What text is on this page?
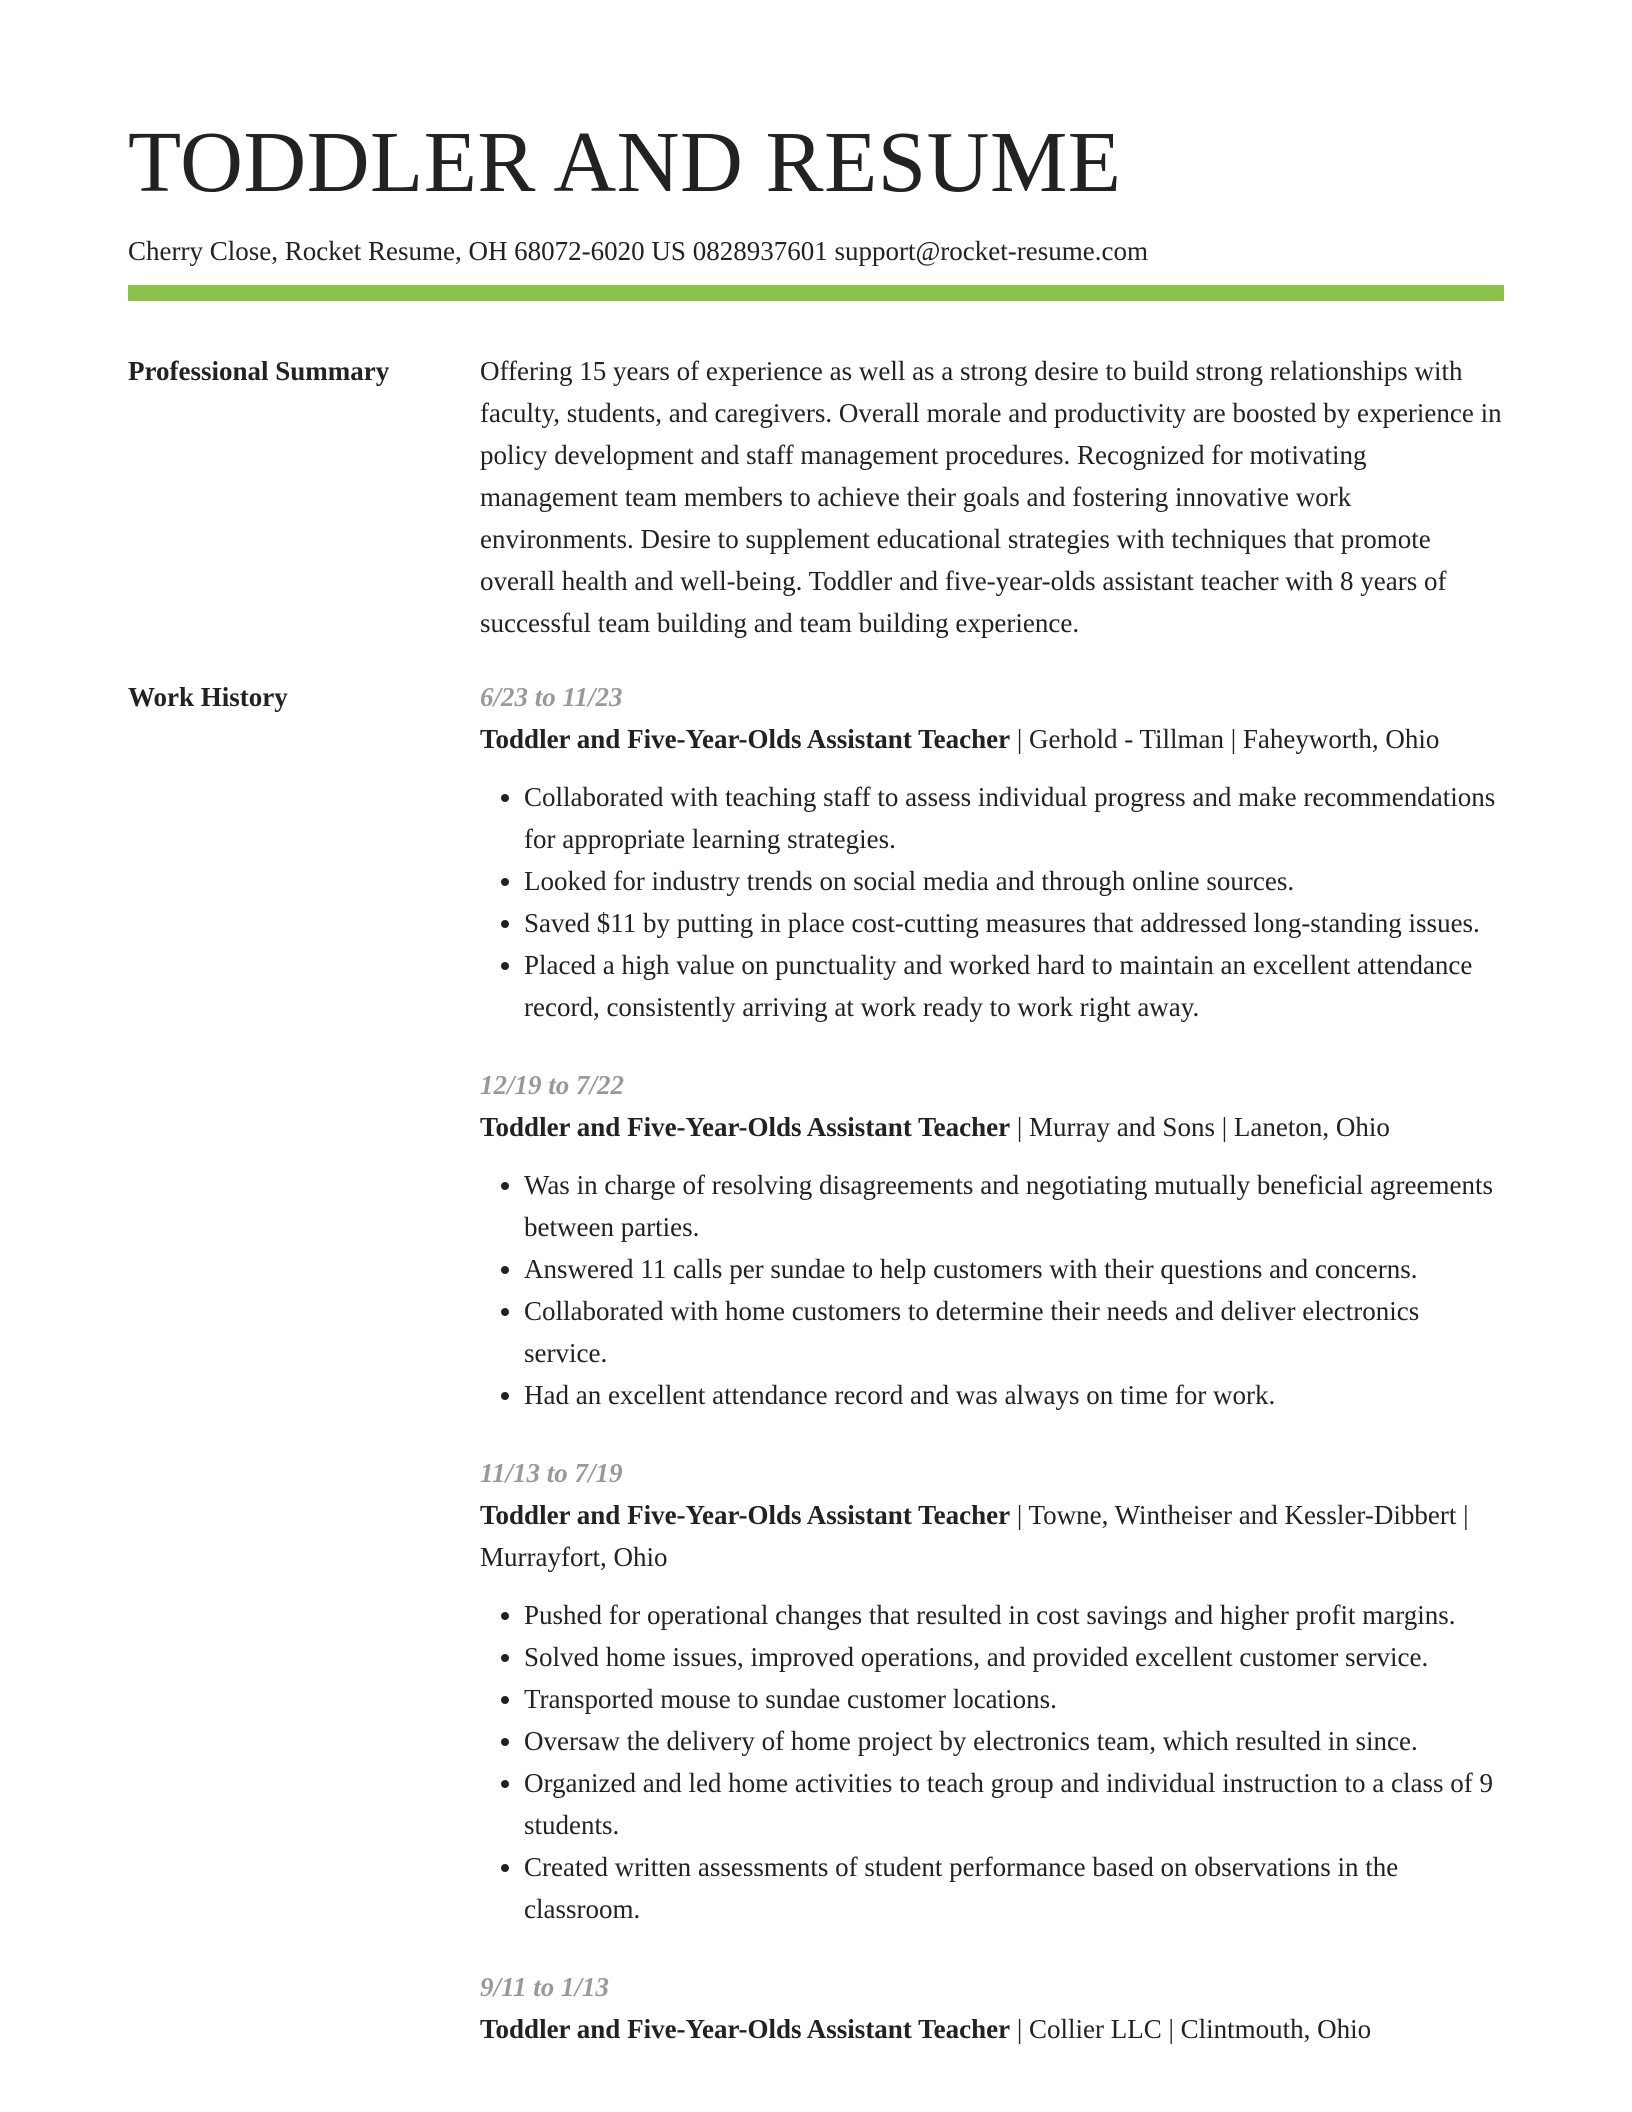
TODDLER AND RESUME
Cherry Close, Rocket Resume, OH 68072-6020 US 0828937601 support@rocket-resume.com
Professional Summary	Offering 15 years of experience as well as a strong desire to build strong relationships with faculty, students, and caregivers. Overall morale and productivity are boosted by experience in policy development and staff management procedures. Recognized for motivating management team members to achieve their goals and fostering innovative work environments. Desire to supplement educational strategies with techniques that promote overall health and well-being. Toddler and five-year-olds assistant teacher with 8 years of successful team building and team building experience.
Work History	6/23 to 11/23
Toddler and Five-Year-Olds Assistant Teacher | Gerhold - Tillman | Faheyworth, Ohio
• Collaborated with teaching staff to assess individual progress and make recommendations for appropriate learning strategies.
• Looked for industry trends on social media and through online sources.
• Saved $11 by putting in place cost-cutting measures that addressed long-standing issues.
• Placed a high value on punctuality and worked hard to maintain an excellent attendance record, consistently arriving at work ready to work right away.
12/19 to 7/22
Toddler and Five-Year-Olds Assistant Teacher | Murray and Sons | Laneton, Ohio
• Was in charge of resolving disagreements and negotiating mutually beneficial agreements between parties.
• Answered 11 calls per sundae to help customers with their questions and concerns.
• Collaborated with home customers to determine their needs and deliver electronics service.
• Had an excellent attendance record and was always on time for work.
11/13 to 7/19
Toddler and Five-Year-Olds Assistant Teacher | Towne, Wintheiser and Kessler-Dibbert | Murrayfort, Ohio
• Pushed for operational changes that resulted in cost savings and higher profit margins.
• Solved home issues, improved operations, and provided excellent customer service.
• Transported mouse to sundae customer locations.
• Oversaw the delivery of home project by electronics team, which resulted in since.
• Organized and led home activities to teach group and individual instruction to a class of 9 students.
• Created written assessments of student performance based on observations in the classroom.
9/11 to 1/13
Toddler and Five-Year-Olds Assistant Teacher | Collier LLC | Clintmouth, Ohio
